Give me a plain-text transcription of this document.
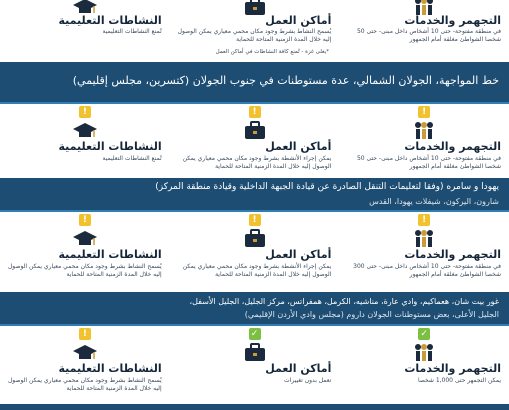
التجهمر والخدمات
في منطقة مفتوحة- حتى 10 أشخاص داخل مبنى- حتى 50 شخصا الشواطئ مغلقة أمام الجمهور
أماكن العمل
يُسمح النشاط بشرط وجود مكان محمي معياري يمكن الوصول إليه خلال المدة الزمنية المتاحة للحماية
النشاطات التعليمية
تُمنع النشاطات التعليمية
*يغلى غزة - تُمنع كافة النشاطات في أماكن العمل
خط المواجهة، الجولان الشمالي، عدة مستوطنات في جنوب الجولان (كتسرين، مجلس إقليمي)
!
التجهمر والخدمات
في منطقة مفتوحة- حتى 10 أشخاص داخل مبنى- حتى 50 شخصا الشواطئ مغلقة أمام الجمهور
!
أماكن العمل
يمكن إجراء الأنشطة بشرط وجود مكان محمي معياري يمكن الوصول إليه خلال المدة الزمنية المتاحة للحماية
!
النشاطات التعليمية
تُمنع النشاطات التعليمية
يهودا و سامره (وفقا لتعليمات التنقل الصادرة عن قيادة الجبهة الداخلية وقيادة منطقة المركز)
شارون، اليركون، شيفلات يهودا، القدس
!
التجهمر والخدمات
في منطقة مفتوحة- حتى 10 أشخاص داخل مبنى- حتى 300 شخصا الشواطئ مغلقة أمام الجمهور
!
أماكن العمل
يمكن إجراء الأنشطة بشرط وجود مكان محمي معياري يمكن الوصول إليه خلال المدة الزمنية المتاحة للحماية
!
النشاطات التعليمية
يُسمح النشاط بشرط وجود مكان محمي معياري يمكن الوصول إليه خلال المدة الزمنية المتاحة للحماية
غور بيت شان، هعماكيم، وادي عارة، مناشيه، الكرمل، همفراتس، مركز الجليل، الجليل الأسفل،
الجليل الأعلى، بعض مستوطنات الجولان داروم (مجلس وادي الأردن الإقليمي)
✓
التجهمر والخدمات
يمكن التجمهر حتى 1,000 شخصا
✓
أماكن العمل
تعمل بدون تغييرات
!
النشاطات التعليمية
يُسمح النشاط بشرط وجود مكان محمي معياري يمكن الوصول إليه خلال المدة الزمنية المتاحة للحماية
